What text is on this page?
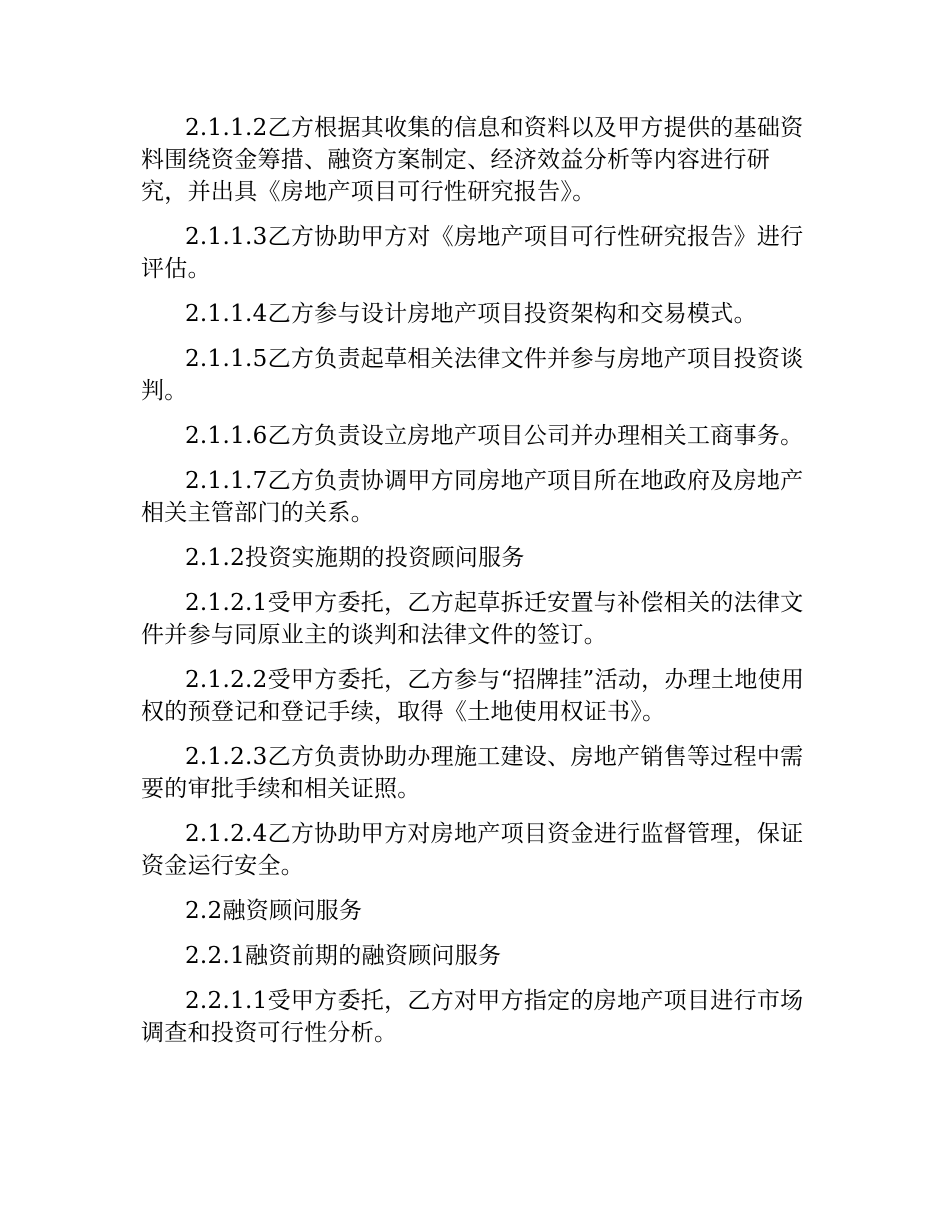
2.1.1.2乙方根据其收集的信息和资料以及甲方提供的基础资料围绕资金筹措、融资方案制定、经济效益分析等内容进行研究，并出具《房地产项目可行性研究报告》。

2.1.1.3乙方协助甲方对《房地产项目可行性研究报告》进行评估。

2.1.1.4乙方参与设计房地产项目投资架构和交易模式。

2.1.1.5乙方负责起草相关法律文件并参与房地产项目投资谈判。

2.1.1.6乙方负责设立房地产项目公司并办理相关工商事务。

2.1.1.7乙方负责协调甲方同房地产项目所在地政府及房地产相关主管部门的关系。

2.1.2投资实施期的投资顾问服务

2.1.2.1受甲方委托，乙方起草拆迁安置与补偿相关的法律文件并参与同原业主的谈判和法律文件的签订。

2.1.2.2受甲方委托，乙方参与“招牌挂”活动，办理土地使用权的预登记和登记手续，取得《土地使用权证书》。

2.1.2.3乙方负责协助办理施工建设、房地产销售等过程中需要的审批手续和相关证照。

2.1.2.4乙方协助甲方对房地产项目资金进行监督管理，保证资金运行安全。

2.2融资顾问服务

2.2.1融资前期的融资顾问服务

2.2.1.1受甲方委托，乙方对甲方指定的房地产项目进行市场调查和投资可行性分析。
